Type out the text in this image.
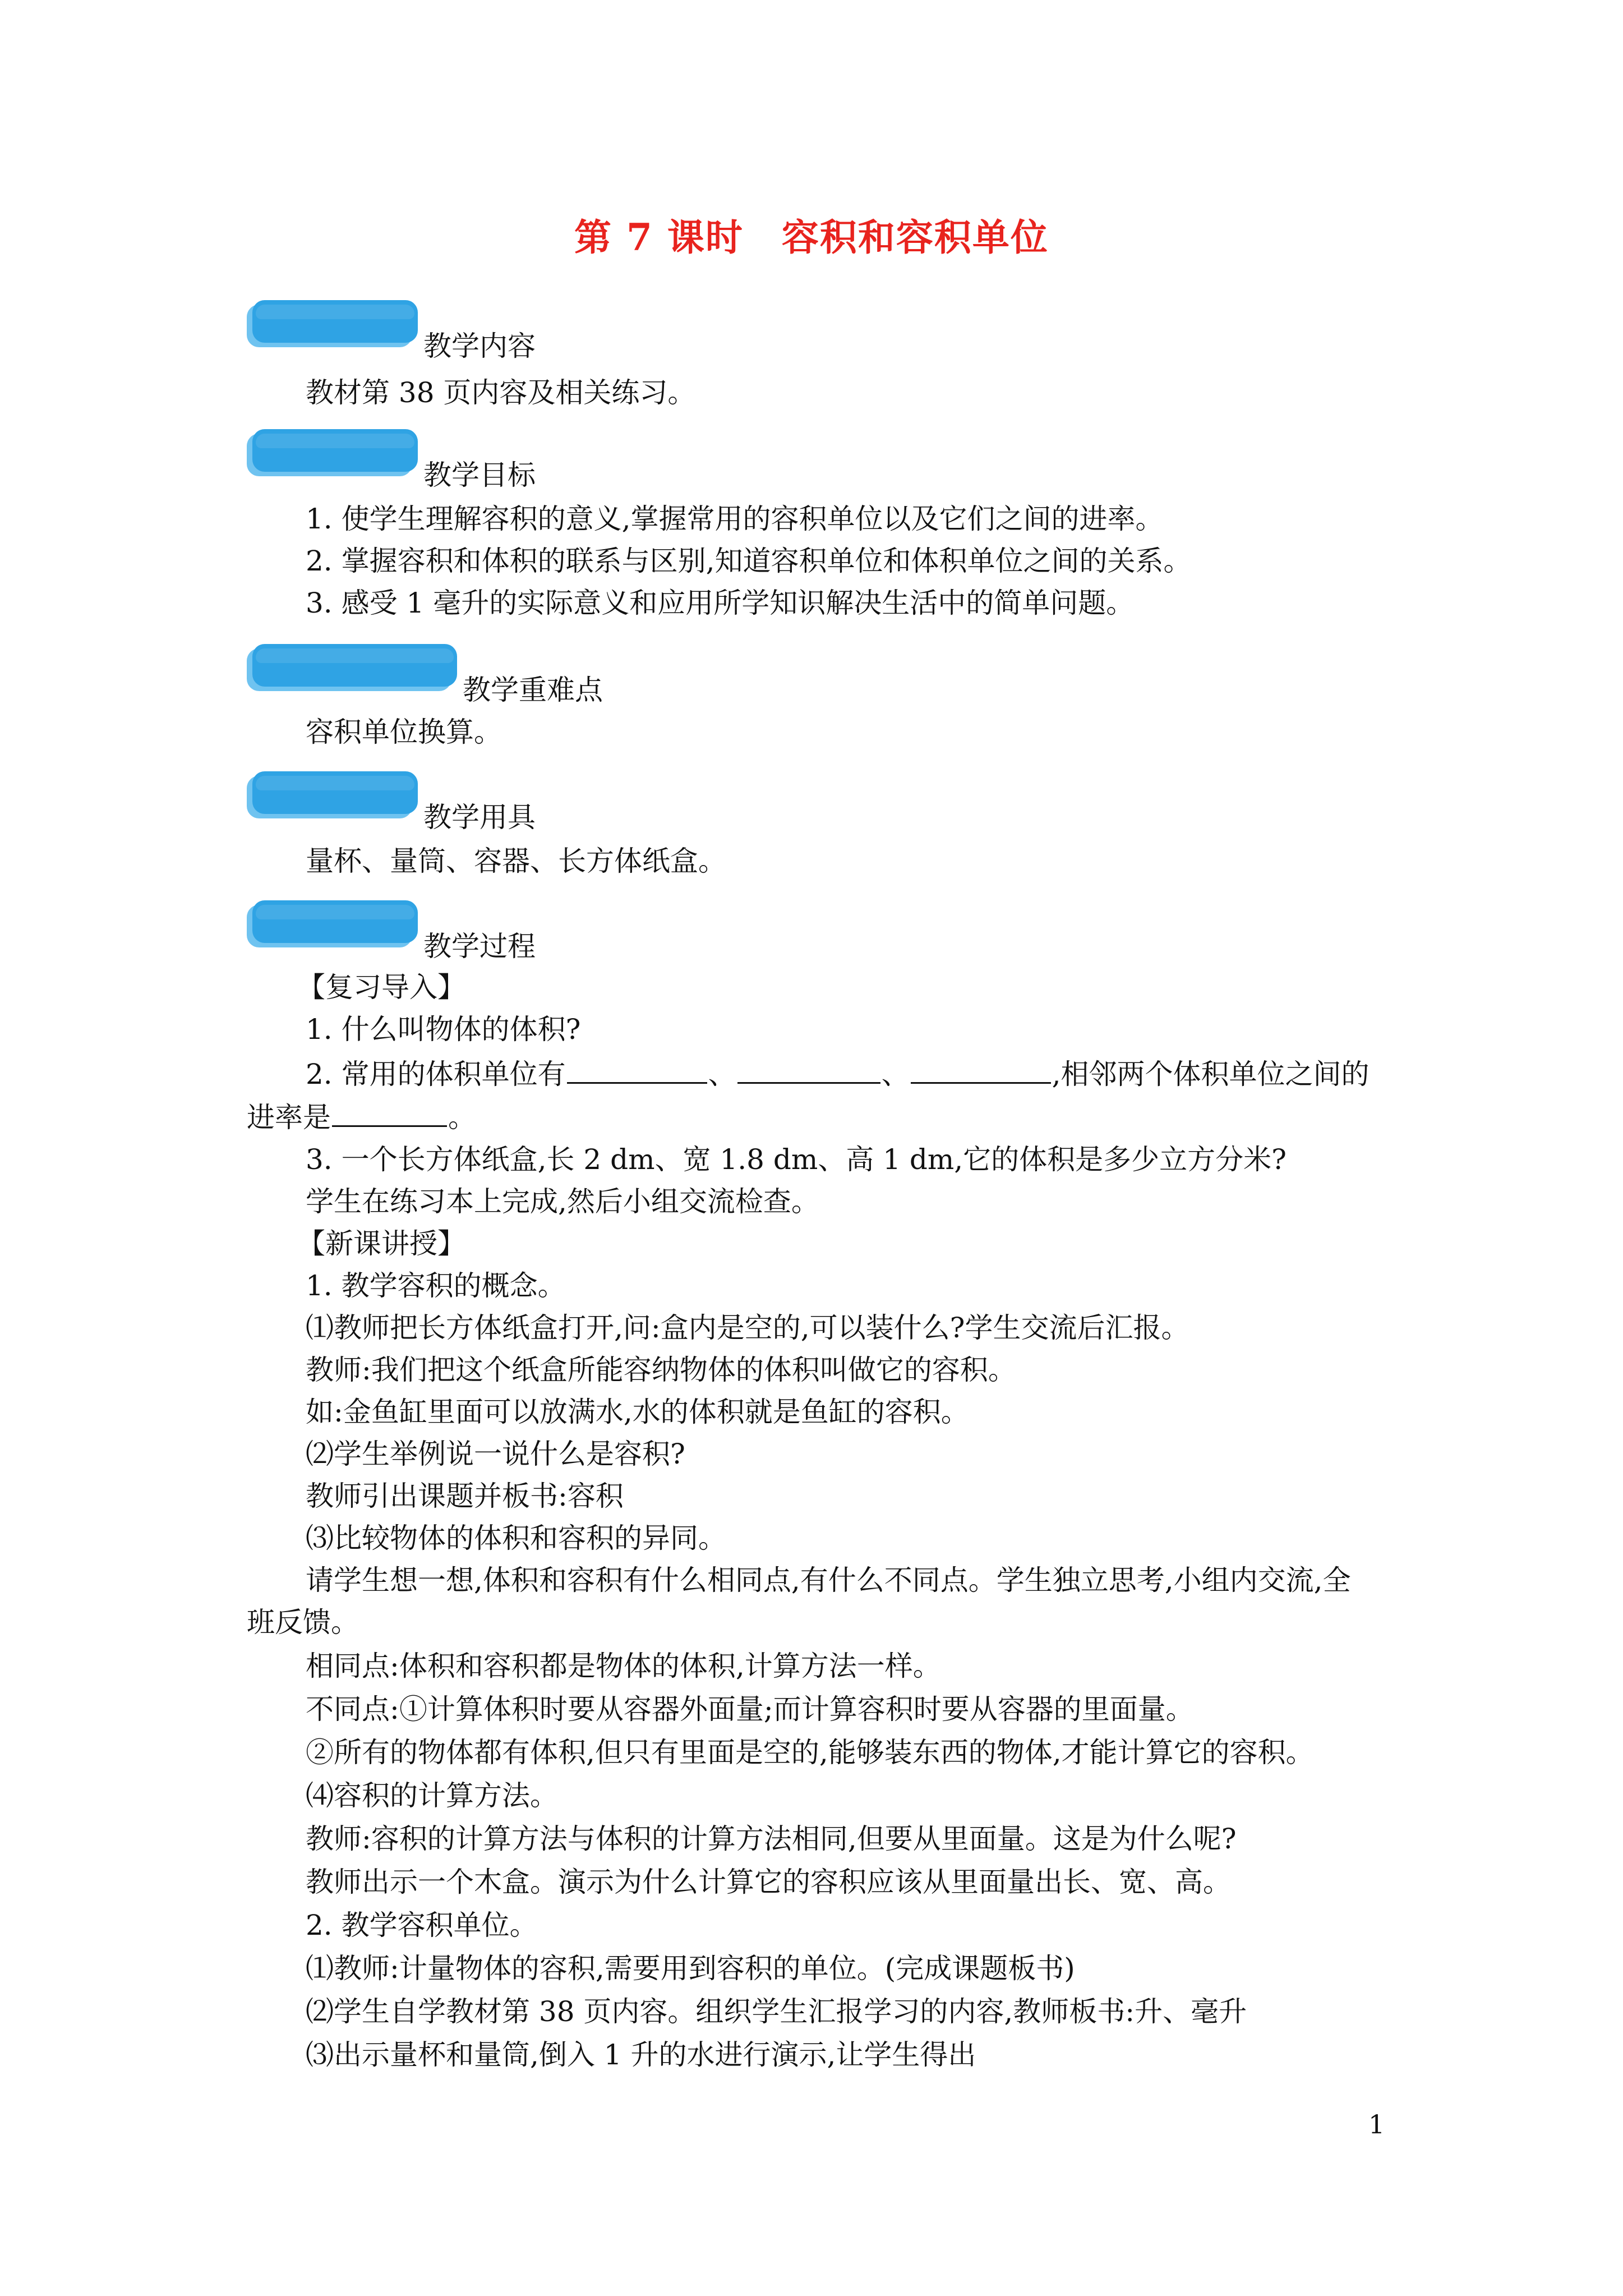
第 7 课时　容积和容积单位
教学内容
教材第 38 页内容及相关练习。
教学目标
1. 使学生理解容积的意义,掌握常用的容积单位以及它们之间的进率。
2. 掌握容积和体积的联系与区别,知道容积单位和体积单位之间的关系。
3. 感受 1 毫升的实际意义和应用所学知识解决生活中的简单问题。
教学重难点
容积单位换算。
教学用具
量杯、量筒、容器、长方体纸盒。
教学过程
【复习导入】
1. 什么叫物体的体积?
2. 常用的体积单位有	、	、	,相邻两个体积单位之间的
进率是	。
3. 一个长方体纸盒,长 2 dm、宽 1.8 dm、高 1 dm,它的体积是多少立方分米?
学生在练习本上完成,然后小组交流检查。
【新课讲授】
1. 教学容积的概念。
⑴教师把长方体纸盒打开,问:盒内是空的,可以装什么?学生交流后汇报。
教师:我们把这个纸盒所能容纳物体的体积叫做它的容积。
如:金鱼缸里面可以放满水,水的体积就是鱼缸的容积。
⑵学生举例说一说什么是容积?
教师引出课题并板书:容积
⑶比较物体的体积和容积的异同。
请学生想一想,体积和容积有什么相同点,有什么不同点。学生独立思考,小组内交流,全
班反馈。
相同点:体积和容积都是物体的体积,计算方法一样。
不同点:①计算体积时要从容器外面量;而计算容积时要从容器的里面量。
②所有的物体都有体积,但只有里面是空的,能够装东西的物体,才能计算它的容积。
⑷容积的计算方法。
教师:容积的计算方法与体积的计算方法相同,但要从里面量。这是为什么呢?
教师出示一个木盒。演示为什么计算它的容积应该从里面量出长、宽、高。
2. 教学容积单位。
⑴教师:计量物体的容积,需要用到容积的单位。(完成课题板书)
⑵学生自学教材第 38 页内容。组织学生汇报学习的内容,教师板书:升、毫升
⑶出示量杯和量筒,倒入 1 升的水进行演示,让学生得出
1
